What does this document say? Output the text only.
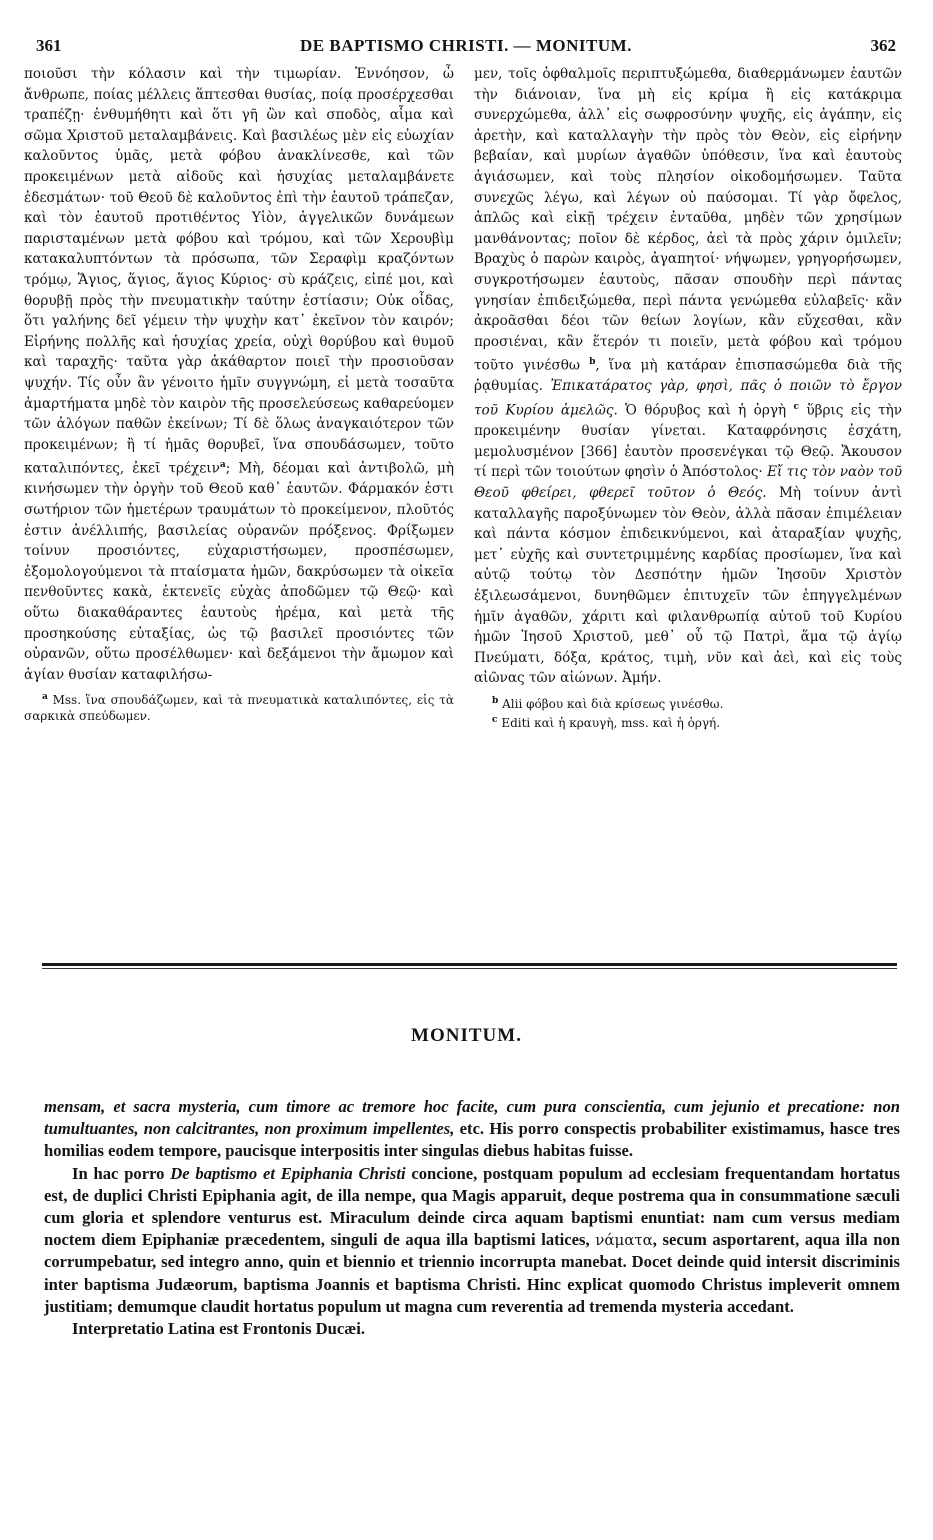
361	DE BAPTISMO CHRISTI. — MONITUM.	362

ποιοῦσι τὴν κόλασιν καὶ τὴν τιμωρίαν. Ἐννόησον, ὦ ἄνθρωπε, ποίας μέλλεις ἅπτεσθαι θυσίας, ποίᾳ προσέρχεσθαι τραπέζῃ· ἐνθυμήθητι καὶ ὅτι γῆ ὢν καὶ σποδὸς, αἷμα καὶ σῶμα Χριστοῦ μεταλαμβάνεις. Καὶ βασιλέως μὲν εἰς εὐωχίαν καλοῦντος ὑμᾶς, μετὰ φόβου ἀνακλίνεσθε, καὶ τῶν προκειμένων μετὰ αἰδοῦς καὶ ἡσυχίας μεταλαμβάνετε ἐδεσμάτων· τοῦ Θεοῦ δὲ καλοῦντος ἐπὶ τὴν ἑαυτοῦ τράπεζαν, καὶ τὸν ἑαυτοῦ προτιθέντος Υἱὸν, ἀγγελικῶν δυνάμεων παρισταμένων μετὰ φόβου καὶ τρόμου, καὶ τῶν Χερουβὶμ κατακαλυπτόντων τὰ πρόσωπα, τῶν Σεραφὶμ κραζόντων τρόμῳ, Ἅγιος, ἅγιος, ἅγιος Κύριος· σὺ κράζεις, εἰπέ μοι, καὶ θορυβῇ πρὸς τὴν πνευματικὴν ταύτην ἑστίασιν; Οὐκ οἶδας, ὅτι γαλήνης δεῖ γέμειν τὴν ψυχὴν κατ᾽ ἐκεῖνον τὸν καιρόν; Εἰρήνης πολλῆς καὶ ἡσυχίας χρεία, οὐχὶ θορύβου καὶ θυμοῦ καὶ ταραχῆς· ταῦτα γὰρ ἀκάθαρτον ποιεῖ τὴν προσιοῦσαν ψυχήν. Τίς οὖν ἂν γένοιτο ἡμῖν συγγνώμη, εἰ μετὰ τοσαῦτα ἁμαρτήματα μηδὲ τὸν καιρὸν τῆς προσελεύσεως καθαρεύομεν τῶν ἀλόγων παθῶν ἐκείνων; Τί δὲ ὅλως ἀναγκαιότερον τῶν προκειμένων; ἢ τί ἡμᾶς θορυβεῖ, ἵνα σπουδάσωμεν, τοῦτο καταλιπόντες, ἐκεῖ τρέχειν$^a$; Μὴ, δέομαι καὶ ἀντιβολῶ, μὴ κινήσωμεν τὴν ὀργὴν τοῦ Θεοῦ καθ᾽ ἑαυτῶν. Φάρμακόν ἐστι σωτήριον τῶν ἡμετέρων τραυμάτων τὸ προκείμενον, πλοῦτός ἐστιν ἀνέλλιπής, βασιλείας οὐρανῶν πρόξενος. Φρίξωμεν τοίνυν προσιόντες, εὐχαριστήσωμεν, προσπέσωμεν, ἐξομολογούμενοι τὰ πταίσματα ἡμῶν, δακρύσωμεν τὰ οἰκεῖα πενθοῦντες κακὰ, ἐκτενεῖς εὐχὰς ἀποδῶμεν τῷ Θεῷ· καὶ οὕτω διακαθάραντες ἑαυτοὺς ἠρέμα, καὶ μετὰ τῆς προσηκούσης εὐταξίας, ὡς τῷ βασιλεῖ προσιόντες τῶν οὐρανῶν, οὕτω προσέλθωμεν· καὶ δεξάμενοι τὴν ἄμωμον καὶ ἁγίαν θυσίαν καταφιλήσω-

$^a$ Mss. ἵνα σπουδάζωμεν, καὶ τὰ πνευματικὰ καταλιπόντες, εἰς τὰ σαρκικὰ σπεύδωμεν.

μεν, τοῖς ὀφθαλμοῖς περιπτυξώμεθα, διαθερμάνωμεν ἑαυτῶν τὴν διάνοιαν, ἵνα μὴ εἰς κρίμα ἢ εἰς κατάκριμα συνερχώμεθα, ἀλλ᾽ εἰς σωφροσύνην ψυχῆς, εἰς ἀγάπην, εἰς ἀρετὴν, καὶ καταλλαγὴν τὴν πρὸς τὸν Θεὸν, εἰς εἰρήνην βεβαίαν, καὶ μυρίων ἀγαθῶν ὑπόθεσιν, ἵνα καὶ ἑαυτοὺς ἁγιάσωμεν, καὶ τοὺς πλησίον οἰκοδομήσωμεν. Ταῦτα συνεχῶς λέγω, καὶ λέγων οὐ παύσομαι. Τί γὰρ ὄφελος, ἁπλῶς καὶ εἰκῇ τρέχειν ἐνταῦθα, μηδὲν τῶν χρησίμων μανθάνοντας; ποῖον δὲ κέρδος, ἀεὶ τὰ πρὸς χάριν ὁμιλεῖν; Βραχὺς ὁ παρὼν καιρὸς, ἀγαπητοί· νήψωμεν, γρηγορήσωμεν, συγκροτήσωμεν ἑαυτοὺς, πᾶσαν σπουδὴν περὶ πάντας γνησίαν ἐπιδειξώμεθα, περὶ πάντα γενώμεθα εὐλαβεῖς· κἂν ἀκροᾶσθαι δέοι τῶν θείων λογίων, κἂν εὔχεσθαι, κἂν προσιέναι, κἂν ἕτερόν τι ποιεῖν, μετὰ φόβου καὶ τρόμου τοῦτο γινέσθω $^b$, ἵνα μὴ κατάραν ἐπισπασώμεθα διὰ τῆς ῥᾳθυμίας. Ἐπικατάρατος γὰρ, φησὶ, πᾶς ὁ ποιῶν τὸ ἔργον τοῦ Κυρίου ἀμελῶς. Ὁ θόρυβος καὶ ἡ ὀργὴ $^c$ ὕβρις εἰς τὴν προκειμένην θυσίαν γίνεται. Καταφρόνησις ἐσχάτη, μεμολυσμένον [366] ἑαυτὸν προσενέγκαι τῷ Θεῷ. Ἄκουσον τί περὶ τῶν τοιούτων φησὶν ὁ Ἀπόστολος· Εἴ τις τὸν ναὸν τοῦ Θεοῦ φθείρει, φθερεῖ τοῦτον ὁ Θεός. Μὴ τοίνυν ἀντὶ καταλλαγῆς παροξύνωμεν τὸν Θεὸν, ἀλλὰ πᾶσαν ἐπιμέλειαν καὶ πάντα κόσμον ἐπιδεικνύμενοι, καὶ ἀταραξίαν ψυχῆς, μετ᾽ εὐχῆς καὶ συντετριμμένης καρδίας προσίωμεν, ἵνα καὶ αὐτῷ τούτῳ τὸν Δεσπότην ἡμῶν Ἰησοῦν Χριστὸν ἐξιλεωσάμενοι, δυνηθῶμεν ἐπιτυχεῖν τῶν ἐπηγγελμένων ἡμῖν ἀγαθῶν, χάριτι καὶ φιλανθρωπίᾳ αὐτοῦ τοῦ Κυρίου ἡμῶν Ἰησοῦ Χριστοῦ, μεθ᾽ οὗ τῷ Πατρὶ, ἅμα τῷ ἁγίῳ Πνεύματι, δόξα, κράτος, τιμὴ, νῦν καὶ ἀεὶ, καὶ εἰς τοὺς αἰῶνας τῶν αἰώνων. Ἀμήν.

$^b$ Alii φόβου καὶ διὰ κρίσεως γινέσθω.

$^c$ Editi καὶ ἡ κραυγὴ, mss. καὶ ἡ ὀργή.

MONITUM.

mensam, et sacra mysteria, cum timore ac tremore hoc facite, cum pura conscientia, cum jejunio et precatione: non tumultuantes, non calcitrantes, non proximum impellentes, etc. His porro conspectis probabiliter existimamus, hasce tres homilias eodem tempore, paucisque interpositis inter singulas diebus habitas fuisse.

In hac porro De baptismo et Epiphania Christi concione, postquam populum ad ecclesiam frequentandam hortatus est, de duplici Christi Epiphania agit, de illa nempe, qua Magis apparuit, deque postrema qua in consummatione sæculi cum gloria et splendore venturus est. Miraculum deinde circa aquam baptismi enuntiat: nam cum versus mediam noctem diem Epiphaniæ præcedentem, singuli de aqua illa baptismi latices, νάματα, secum asportarent, aqua illa non corrumpebatur, sed integro anno, quin et biennio et triennio incorrupta manebat. Docet deinde quid intersit discriminis inter baptisma Judæorum, baptisma Joannis et baptisma Christi. Hinc explicat quomodo Christus impleverit omnem justitiam; demumque claudit hortatus populum ut magna cum reverentia ad tremenda mysteria accedant.

Interpretatio Latina est Frontonis Ducæi.
